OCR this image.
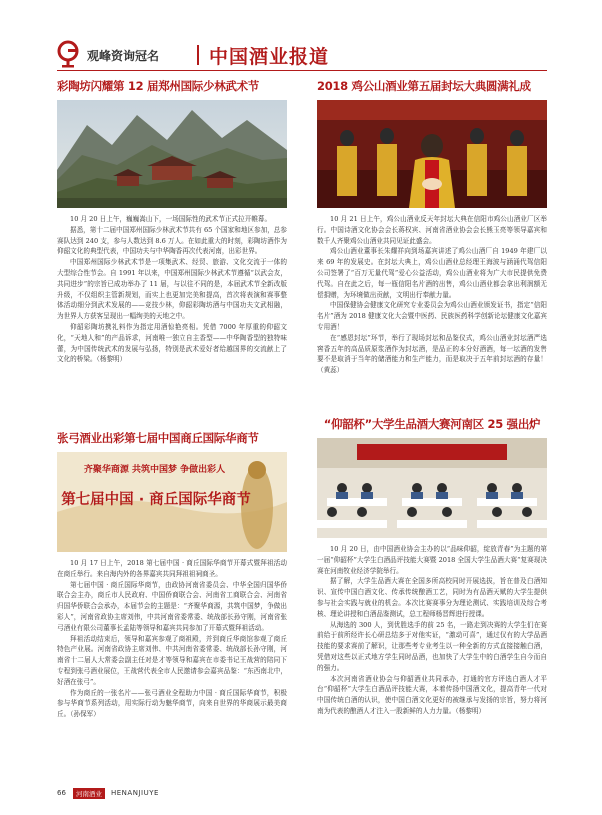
观峰资询冠名	中国酒业报道
彩陶坊闪耀第 12 届郑州国际少林武术节

10 月 20 日上午，巍巍嵩山下，一场国际性的武术节正式拉开帷幕。

据悉，第十二届中国郑州国际少林武术节共有 65 个国家和地区参加，总参赛队达到 240 支，参与人数达到 8.6 万人。在如此重大的时刻，彩陶坊酒作为仰韶文化的典型代表，中国功夫与中华陶香再次代表河南，出彩世界。

中国郑州国际少林武术节是一项集武术、经贸、旅游、文化交流于一体的大型综合性节会。自 1991 年以来，中国郑州国际少林武术节遵循“以武会友，共同进步”的宗旨已成功举办了 11 届，与以往不同的是，本届武术节全新改版升级，不仅组织主管新规划，而实上也更加完美和提高，首次将表演和赛事整体活动细分到武术发展的——竞技少林，仰韶彩陶坊酒与中国功夫文武相融，为世界人方获客呈现出一幅绚美的天地之中。

仰韶彩陶坊携礼料作为指定用酒惊艳亮相。凭借 7000 年厚重的仰韶文化，“天地人和”的产品诉求，河南唯一独立自主香型——中华陶香型的独特味蕾，为中国传统武术的发展与弘扬，特别是武术爱好者给越国界的交流献上了文化的桥梁。（杨黎明）

张弓酒业出彩第七届中国商丘国际华商节
齐聚华商源 共筑中国梦 争做出彩人
第七届中国 · 商丘国际华商节

10 月 17 日上午，2018 第七届中国 · 商丘国际华商节开幕式暨拜祖活动在商丘举行。来自海内外的各界嘉宾共同拜祖祖祠商圣。

第七届中国 · 商丘国际华商节，由政协河南省委员会、中华全国归国华侨联合会主办，商丘市人民政府、中国侨商联合会、河南省工商联合会、河南省归国华侨联合会承办，本届节会的主题是：“齐聚华商源，共筑中国梦，争做出彩人”，河南省政协主席刘伟，中共河南省委常委、统战部长孙守刚，河南省张弓酒业有限公司董事长孟陆等领导和嘉宾共同参加了开幕式暨拜祖活动。

拜祖活动结束后，领导和嘉宾参观了商祖殿，并到商丘华商馆参观了商丘特色产业展。河南省政协主席刘伟、中共河南省委常委、统战部长孙守刚，河南省十二届人大常委会副主任对是才等领导和嘉宾在市委书记王战营的陪同下专程到张弓酒业展位，王战营代表全市人民邀请参会嘉宾品鉴：“东西南北中，好酒在张弓”。

作为商丘的一张名片——张弓酒业全程助力中国 · 商丘国际华商节，积极参与华商节系列活动，用实际行动为魅华商节，向来自世界的华商展示最美商丘。（孙保军）

2018 鸡公山酒业第五届封坛大典圆满礼成

10 月 21 日上午，鸡公山酒业反天年封坛大典在信阳市鸡公山酒业厂区举行。中国诗酒文化协会会长蒋权宾、河南省酒业协会会长熊玉亮等领导嘉宾和数千人齐聚鸡公山酒业共同见证此盛会。

鸡公山酒业董事长朱耀祥向到场嘉宾讲述了鸡公山酒厂自 1949 年建厂以来 69 年的发展史。在封坛大典上，鸡公山酒业总经理王海波与涵涌代驾信阳公司签署了“百万无量代驾”爱心公益活动，鸡公山酒业将为广大市民提供免费代驾。自在此之后，每一瓶信阳名片酒的出售，鸡公山酒业都会拿出利润额无偿捐赠，为环境做出贡献，文明出行奉献力量。

中国保健协会健康文化研究专业委员会为鸡公山酒业颁发证书，指定“信阳名片”酒为 2018 健康文化大会暨中医药、民族医药科学创新论坛健康文化嘉宾专用酒！

在“感恩封坛”环节，举行了现场封坛和品鉴仪式，鸡公山酒业封坛酒严选窖香五年的高品质原浆酒作为封坛酒，是品正的本分好酒酒，每一坛酒的发售要不是取消于当年的储酒能力和生产能力，而是取决于五年前封坛酒的存量！（黄蕊）

“仰韶杯”大学生品酒大赛河南区 25 强出炉

10 月 20 日，由中国酒业协会主办的以“品味仰韶，绽放青春”为主题的第一届“仰韶杯”大学生白酒品评技能大赛暨 2018 全国大学生品酒大赛“复赛现决赛在河南牧业经济学院举行。

据了解，大学生品酒大赛在全国多所高校同时开展选拔，旨在普及白酒知识、宣传中国白酒文化、传承传统酿酒工艺，同时为有品酒天赋的大学生提供参与社会实践与就业的机会。本次比赛赛事分为理论测试、实践培训及综合考核、理论讲授和白酒品鉴测试，总工程师杨晋辉进行授课。

从海选的 300 人，到优胜选手的前 25 名，一路走到决赛的大学生们在赛前给于前所经许长心研总结多于对他实证，“激动可喜”，通过仅有的大学品酒技能的要求赛前了解识，让那些考专业考生以一种全新的方式直接接触白酒，凭借对这些以正式地方学生同时品酒，也加快了大学生中的白酒学生自今而自的强力。

本次河南省酒业协会与仰韶酒业共同承办，打通的官方评选白酒人才平台“仰韶杯”大学生白酒品评技能大赛，本着传扬中国酒文化，提高青年一代对中国传统白酒的认识，使中国白酒文化更好的被继承与发扬的宗旨，努力将河南为代表的酿酒人才注入一股新鲜的人力力量。（杨黎明）

66	河南酒业	HENANJIUYE
